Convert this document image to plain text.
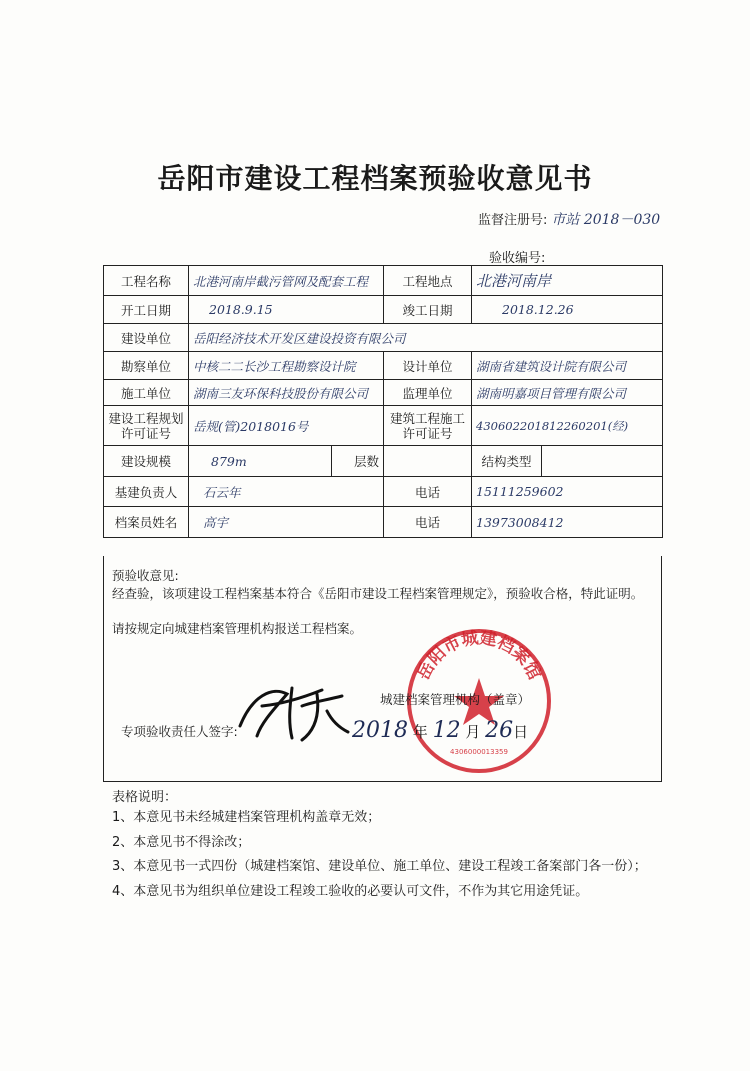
岳阳市建设工程档案预验收意见书
监督注册号: 市站 2018－030
验收编号:
工程名称	北港河南岸截污管网及配套工程	工程地点	北港河南岸	
开工日期	2018.9.15	竣工日期	2018.12.26	
建设单位	岳阳经济技术开发区建设投资有限公司			
勘察单位	中核二二长沙工程勘察设计院	设计单位	湖南省建筑设计院有限公司	
施工单位	湖南三友环保科技股份有限公司	监理单位	湖南明嘉项目管理有限公司	
建设工程规划许可证号	岳规(管)2018016号	建筑工程施工许可证号	430602201812260201(经)	
建设规模	879m 层数		结构类型	
基建负责人	石云年	电话	15111259602	
档案员姓名	高宇	电话	13973008412	
预验收意见:
经查验，该项建设工程档案基本符合《岳阳市建设工程档案管理规定》，预验收合格，特此证明。
请按规定向城建档案管理机构报送工程档案。
岳阳市城建档案馆
4306000013359
城建档案管理机构（盖章）
专项验收责任人签字:	2018 年 12 月 26日
表格说明：
1、本意见书未经城建档案管理机构盖章无效；
2、本意见书不得涂改；
3、本意见书一式四份（城建档案馆、建设单位、施工单位、建设工程竣工备案部门各一份）；
4、本意见书为组织单位建设工程竣工验收的必要认可文件，不作为其它用途凭证。
